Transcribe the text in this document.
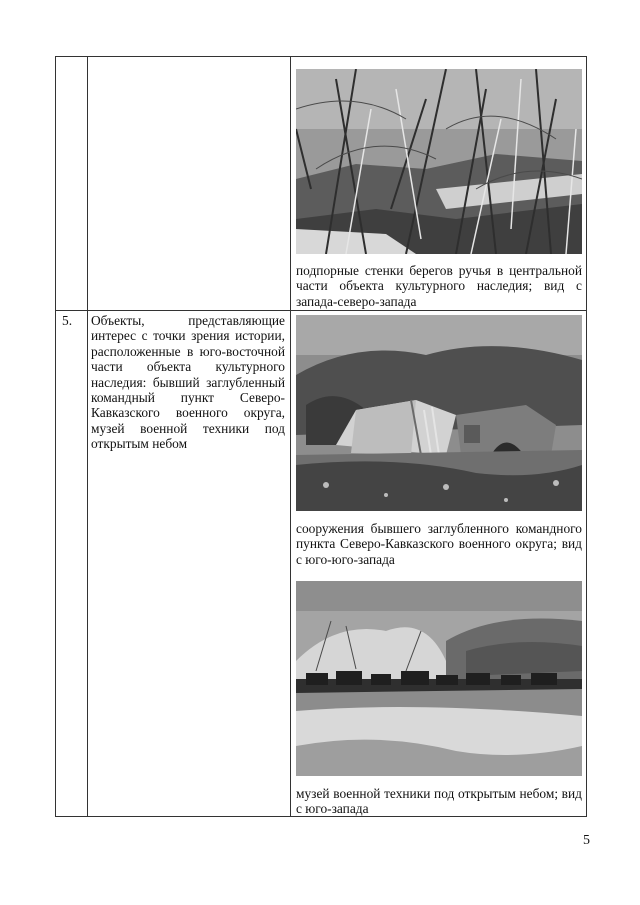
подпорные стенки берегов ручья в центральной части объекта культурного наследия; вид с запада-северо-запада

5. Объекты, представляющие интерес с точки зрения истории, расположенные в юго-восточной части объекта культурного наследия: бывший заглубленный командный пункт Северо-Кавказского военного округа, музей военной техники под открытым небом

сооружения бывшего заглубленного командного пункта Северо-Кавказского военного округа; вид с юго-юго-запада

музей военной техники под открытым небом; вид с юго-запада

5
